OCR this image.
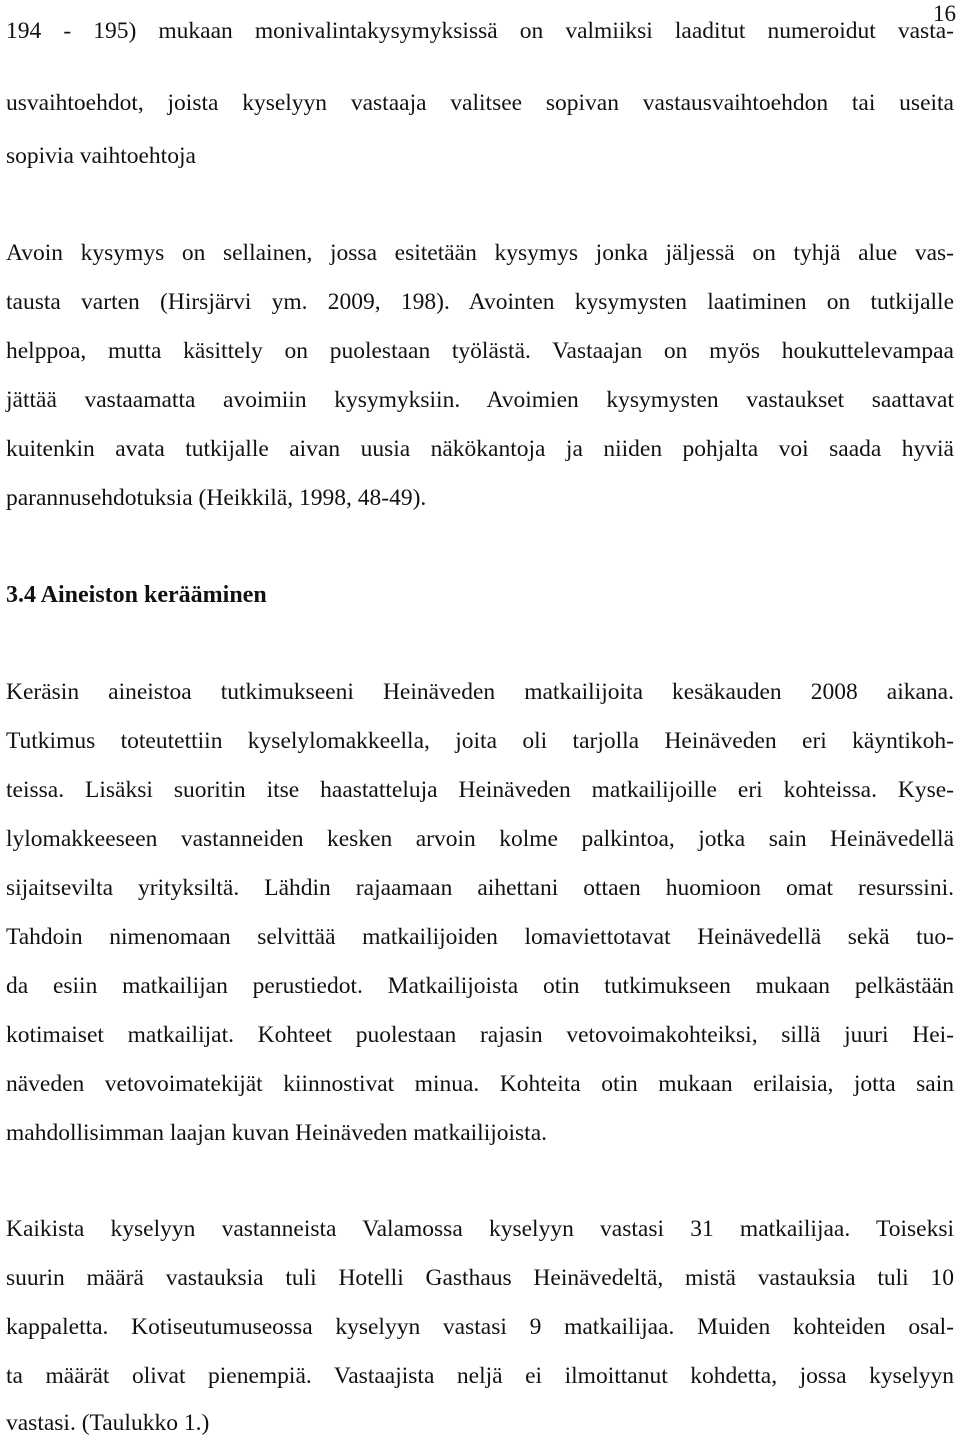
16
194 - 195) mukaan monivalintakysymyksissä on valmiiksi laaditut numeroidut vasta-
usvaihtoehdot, joista kyselyyn vastaaja valitsee sopivan vastausvaihtoehdon tai useita
sopivia vaihtoehtoja
Avoin kysymys on sellainen, jossa esitetään kysymys jonka jäljessä on tyhjä alue vas-
tausta varten (Hirsjärvi ym. 2009, 198). Avointen kysymysten laatiminen on tutkijalle
helppoa, mutta käsittely on puolestaan työlästä. Vastaajan on myös houkuttelevampaa
jättää vastaamatta avoimiin kysymyksiin. Avoimien kysymysten vastaukset saattavat
kuitenkin avata tutkijalle aivan uusia näkökantoja ja niiden pohjalta voi saada hyviä
parannusehdotuksia (Heikkilä, 1998, 48-49).
3.4 Aineiston kerääminen
Keräsin aineistoa tutkimukseeni Heinäveden matkailijoita kesäkauden 2008 aikana.
Tutkimus toteutettiin kyselylomakkeella, joita oli tarjolla Heinäveden eri käyntikoh-
teissa. Lisäksi suoritin itse haastatteluja Heinäveden matkailijoille eri kohteissa. Kyse-
lylomakkeeseen vastanneiden kesken arvoin kolme palkintoa, jotka sain Heinävedellä
sijaitsevilta yrityksiltä. Lähdin rajaamaan aihettani ottaen huomioon omat resurssini.
Tahdoin nimenomaan selvittää matkailijoiden lomaviettotavat Heinävedellä sekä tuo-
da esiin matkailijan perustiedot. Matkailijoista otin tutkimukseen mukaan pelkästään
kotimaiset matkailijat. Kohteet puolestaan rajasin vetovoimakohteiksi, sillä juuri Hei-
näveden vetovoimatekijät kiinnostivat minua. Kohteita otin mukaan erilaisia, jotta sain
mahdollisimman laajan kuvan Heinäveden matkailijoista.
Kaikista kyselyyn vastanneista Valamossa kyselyyn vastasi 31 matkailijaa. Toiseksi
suurin määrä vastauksia tuli Hotelli Gasthaus Heinävedeltä, mistä vastauksia tuli 10
kappaletta. Kotiseutumuseossa kyselyyn vastasi 9 matkailijaa. Muiden kohteiden osal-
ta määrät olivat pienempiä. Vastaajista neljä ei ilmoittanut kohdetta, jossa kyselyyn
vastasi. (Taulukko 1.)
